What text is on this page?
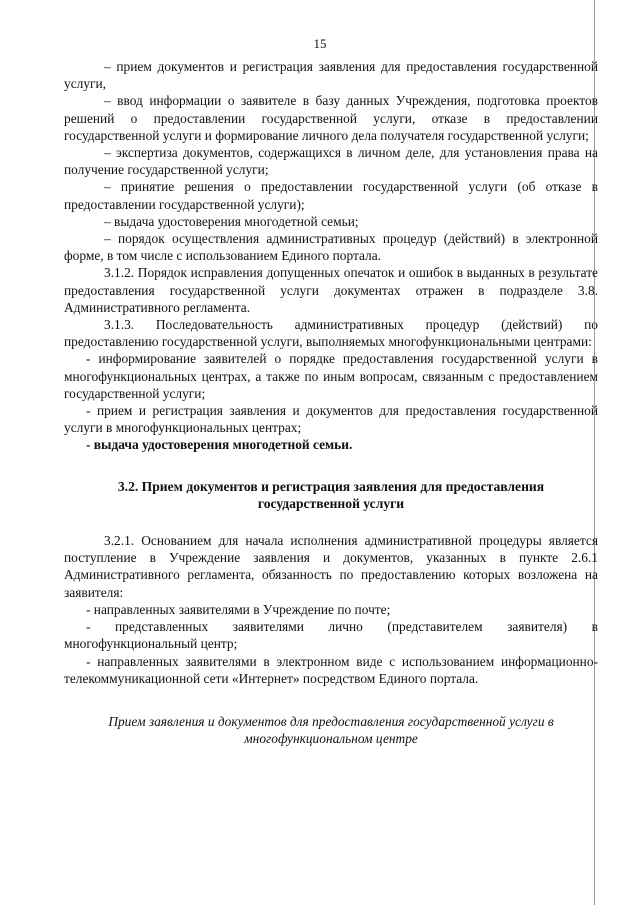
15

– прием документов и регистрация заявления для предоставления государственной услуги,

– ввод информации о заявителе в базу данных Учреждения, подготовка проектов решений о предоставлении государственной услуги, отказе в предоставлении государственной услуги и формирование личного дела получателя государственной услуги;

– экспертиза документов, содержащихся в личном деле, для установления права на получение государственной услуги;

– принятие решения о предоставлении государственной услуги (об отказе в предоставлении государственной услуги);

– выдача удостоверения многодетной семьи;

– порядок осуществления административных процедур (действий) в электронной форме, в том числе с использованием Единого портала.

3.1.2. Порядок исправления допущенных опечаток и ошибок в выданных в результате предоставления государственной услуги документах отражен в подразделе 3.8. Административного регламента.

3.1.3. Последовательность административных процедур (действий) по предоставлению государственной услуги, выполняемых многофункциональными центрами:

- информирование заявителей о порядке предоставления государственной услуги в многофункциональных центрах, а также по иным вопросам, связанным с предоставлением государственной услуги;

- прием и регистрация заявления и документов для предоставления государственной услуги в многофункциональных центрах;

- выдача удостоверения многодетной семьи.

3.2. Прием документов и регистрация заявления для предоставления государственной услуги

3.2.1. Основанием для начала исполнения административной процедуры является поступление в Учреждение заявления и документов, указанных в пункте 2.6.1 Административного регламента, обязанность по предоставлению которых возложена на заявителя:

- направленных заявителями в Учреждение по почте;

- представленных заявителями лично (представителем заявителя) в многофункциональный центр;

- направленных заявителями в электронном виде с использованием информационно-телекоммуникационной сети «Интернет» посредством Единого портала.

Прием заявления и документов для предоставления государственной услуги в многофункциональном центре
